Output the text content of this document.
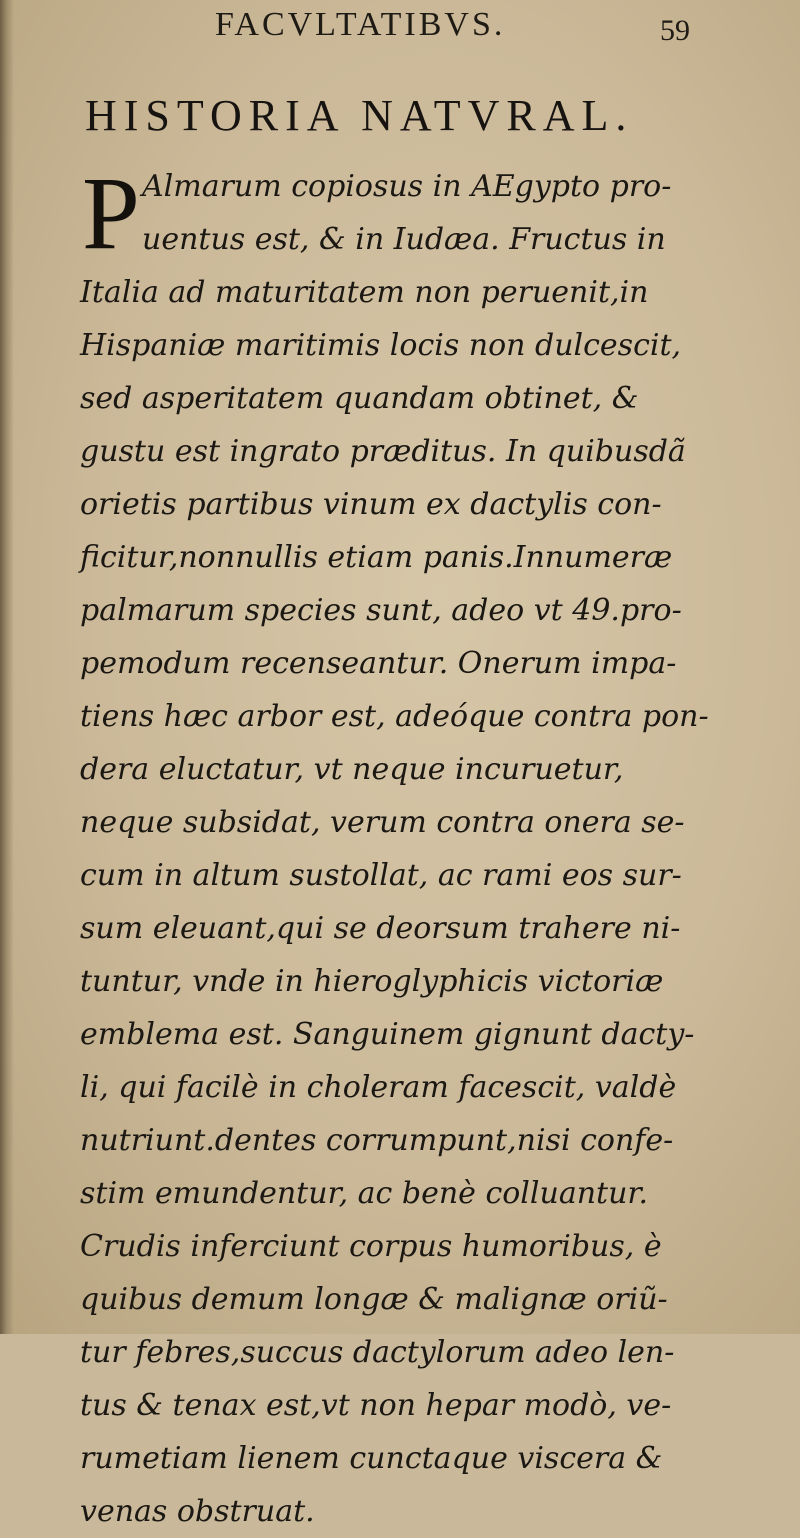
FACVLTATIBVS.	59
HISTORIA NATVRAL.
P Almarum copiosus in AEgypto pro-
uentus est, & in Iudæa. Fructus in
Italia ad maturitatem non peruenit,in
Hispaniæ maritimis locis non dulcescit,
sed asperitatem quandam obtinet, &
gustu est ingrato præditus. In quibusdã
orietis partibus vinum ex dactylis con-
ficitur,nonnullis etiam panis.Innumeræ
palmarum species sunt, adeo vt 49.pro-
pemodum recenseantur. Onerum impa-
tiens hæc arbor est, adeóque contra pon-
dera eluctatur, vt neque incuruetur,
neque subsidat, verum contra onera se-
cum in altum sustollat, ac rami eos sur-
sum eleuant,qui se deorsum trahere ni-
tuntur, vnde in hieroglyphicis victoriæ
emblema est. Sanguinem gignunt dacty-
li, qui facilè in choleram facescit, valdè
nutriunt.dentes corrumpunt,nisi confe-
stim emundentur, ac benè colluantur.
Crudis inferciunt corpus humoribus, è
quibus demum longæ & malignæ oriũ-
tur febres,succus dactylorum adeo len-
tus & tenax est,vt non hepar modò, ve-
rumetiam lienem cunctaque viscera &
venas obstruat.
